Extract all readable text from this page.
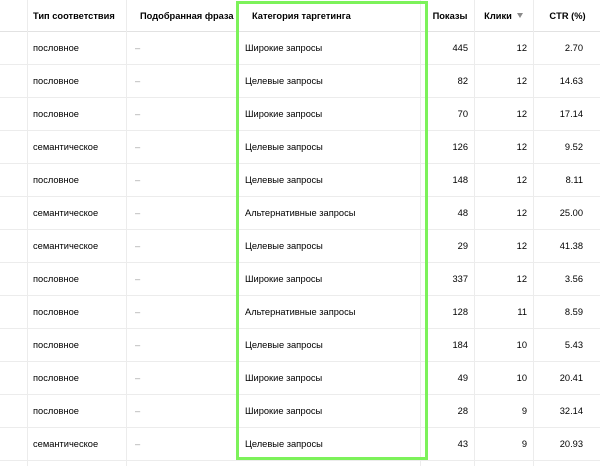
Тип соответствия	Подобранная фраза	Категория таргетинга	Показы	Клики	CTR (%)
пословное	–	Широкие запросы	445	12	2.70
пословное	–	Целевые запросы	82	12	14.63
пословное	–	Широкие запросы	70	12	17.14
семантическое	–	Целевые запросы	126	12	9.52
пословное	–	Целевые запросы	148	12	8.11
семантическое	–	Альтернативные запросы	48	12	25.00
семантическое	–	Целевые запросы	29	12	41.38
пословное	–	Широкие запросы	337	12	3.56
пословное	–	Альтернативные запросы	128	11	8.59
пословное	–	Целевые запросы	184	10	5.43
пословное	–	Широкие запросы	49	10	20.41
пословное	–	Широкие запросы	28	9	32.14
семантическое	–	Целевые запросы	43	9	20.93
